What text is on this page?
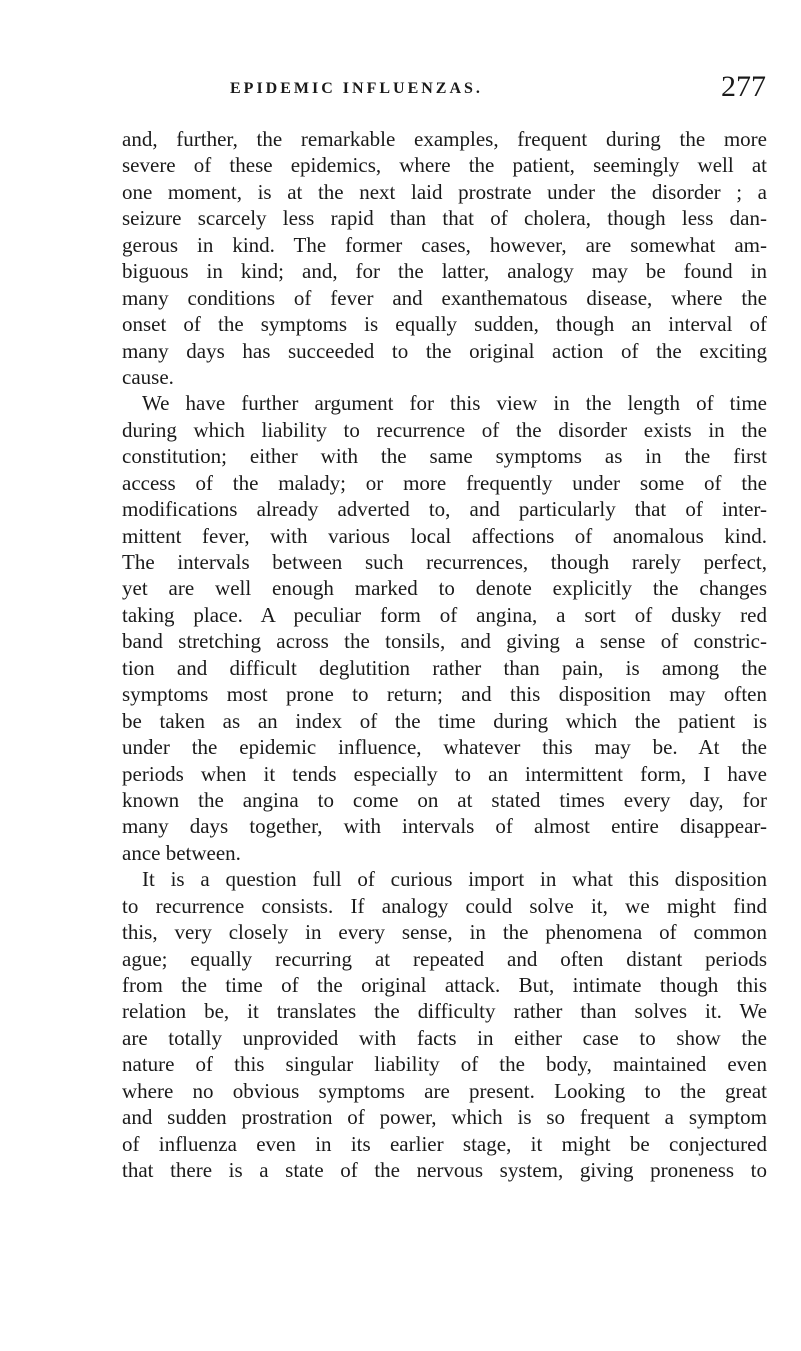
EPIDEMIC INFLUENZAS.	277
and, further, the remarkable examples, frequent during the more
severe of these epidemics, where the patient, seemingly well at
one moment, is at the next laid prostrate under the disorder ; a
seizure scarcely less rapid than that of cholera, though less dan-
gerous in kind. The former cases, however, are somewhat am-
biguous in kind; and, for the latter, analogy may be found in
many conditions of fever and exanthematous disease, where the
onset of the symptoms is equally sudden, though an interval of
many days has succeeded to the original action of the exciting
cause.
We have further argument for this view in the length of time
during which liability to recurrence of the disorder exists in the
constitution; either with the same symptoms as in the first
access of the malady; or more frequently under some of the
modifications already adverted to, and particularly that of inter-
mittent fever, with various local affections of anomalous kind.
The intervals between such recurrences, though rarely perfect,
yet are well enough marked to denote explicitly the changes
taking place. A peculiar form of angina, a sort of dusky red
band stretching across the tonsils, and giving a sense of constric-
tion and difficult deglutition rather than pain, is among the
symptoms most prone to return; and this disposition may often
be taken as an index of the time during which the patient is
under the epidemic influence, whatever this may be. At the
periods when it tends especially to an intermittent form, I have
known the angina to come on at stated times every day, for
many days together, with intervals of almost entire disappear-
ance between.
It is a question full of curious import in what this disposition
to recurrence consists. If analogy could solve it, we might find
this, very closely in every sense, in the phenomena of common
ague; equally recurring at repeated and often distant periods
from the time of the original attack. But, intimate though this
relation be, it translates the difficulty rather than solves it. We
are totally unprovided with facts in either case to show the
nature of this singular liability of the body, maintained even
where no obvious symptoms are present. Looking to the great
and sudden prostration of power, which is so frequent a symptom
of influenza even in its earlier stage, it might be conjectured
that there is a state of the nervous system, giving proneness to
